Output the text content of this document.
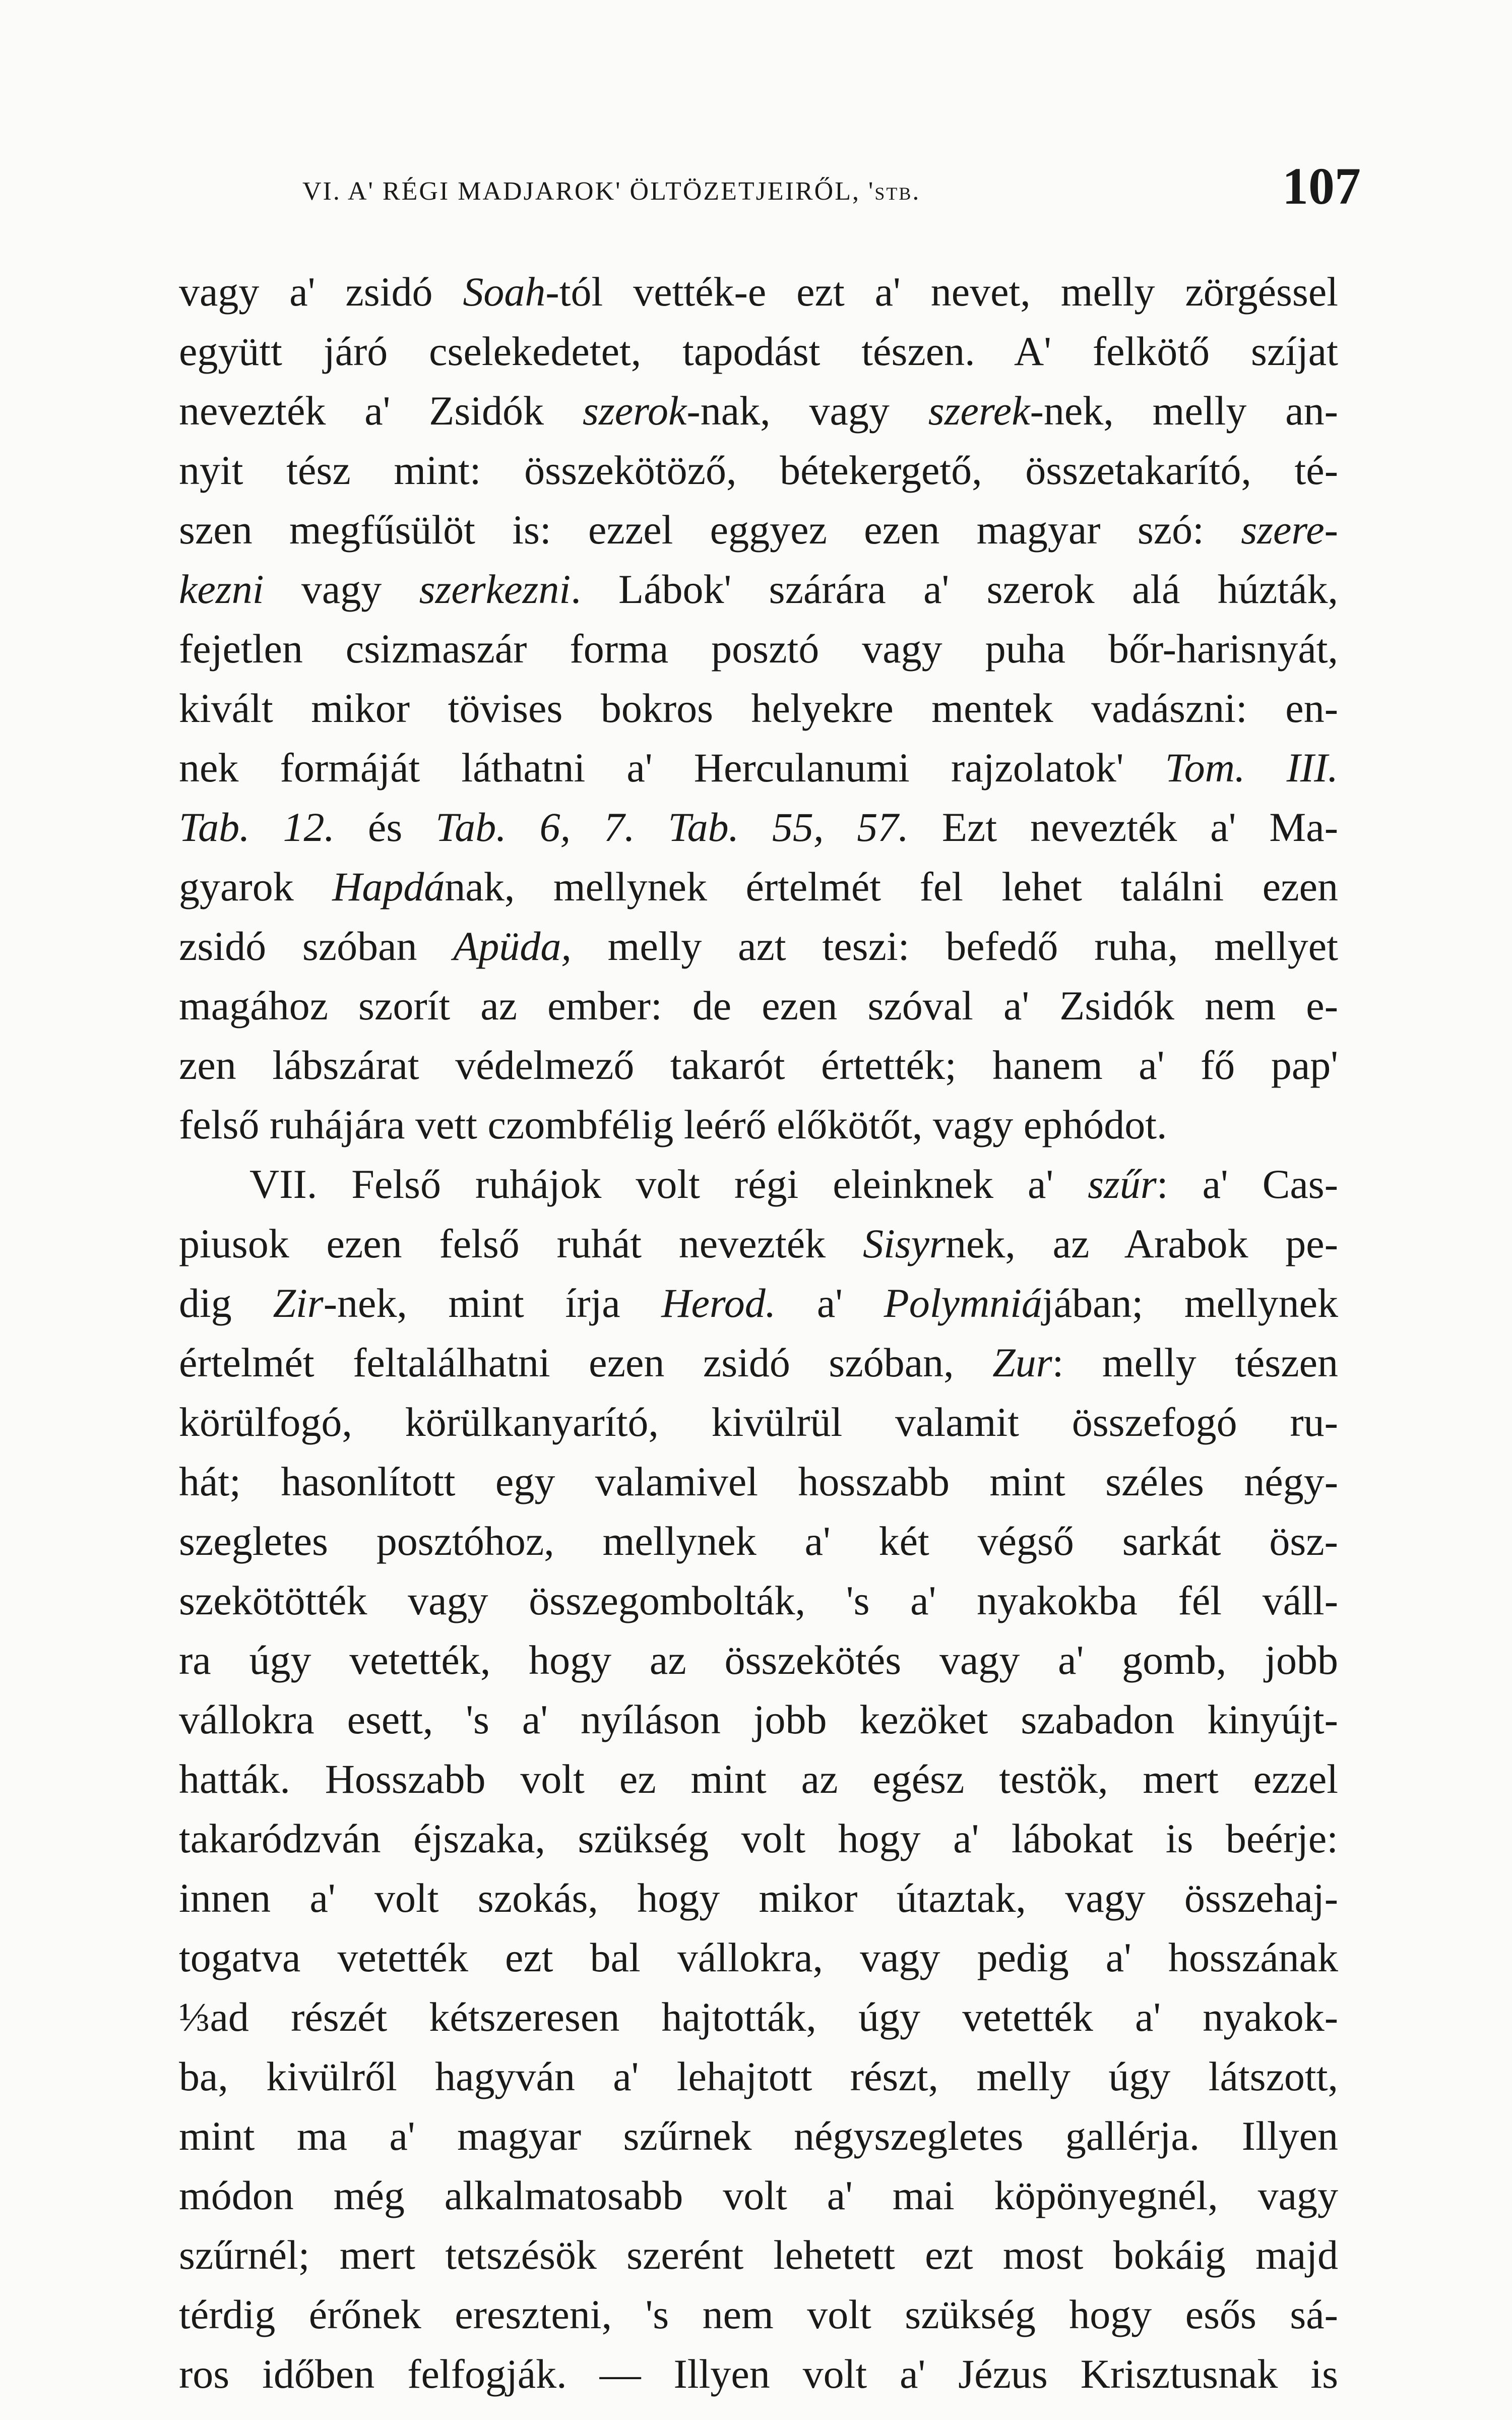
VI. A' RÉGI MADJAROK' ÖLTÖZETJEIRŐL, 'stb.	107
vagy a' zsidó Soah-tól vették-e ezt a' nevet, melly zörgéssel
együtt járó cselekedetet, tapodást tészen. A' felkötő szíjat
nevezték a' Zsidók szerok-nak, vagy szerek-nek, melly an-
nyit tész mint: összekötöző, bétekergető, összetakarító, té-
szen megfűsülöt is: ezzel eggyez ezen magyar szó: szere-
kezni vagy szerkezni. Lábok' szárára a' szerok alá húzták,
fejetlen csizmaszár forma posztó vagy puha bőr-harisnyát,
kivált mikor tövises bokros helyekre mentek vadászni: en-
nek formáját láthatni a' Herculanumi rajzolatok' Tom. III.
Tab. 12. és Tab. 6, 7. Tab. 55, 57. Ezt nevezték a' Ma-
gyarok Hapdának, mellynek értelmét fel lehet találni ezen
zsidó szóban Apüda, melly azt teszi: befedő ruha, mellyet
magához szorít az ember: de ezen szóval a' Zsidók nem e-
zen lábszárat védelmező takarót értették; hanem a' fő pap'
felső ruhájára vett czombfélig leérő előkötőt, vagy ephódot.
VII. Felső ruhájok volt régi eleinknek a' szűr: a' Cas-
piusok ezen felső ruhát nevezték Sisyrnek, az Arabok pe-
dig Zir-nek, mint írja Herod. a' Polymniájában; mellynek
értelmét feltalálhatni ezen zsidó szóban, Zur: melly tészen
körülfogó, körülkanyarító, kivülrül valamit összefogó ru-
hát; hasonlított egy valamivel hosszabb mint széles négy-
szegletes posztóhoz, mellynek a' két végső sarkát ösz-
szekötötték vagy összegombolták, 's a' nyakokba fél váll-
ra úgy vetették, hogy az összekötés vagy a' gomb, jobb
vállokra esett, 's a' nyíláson jobb kezöket szabadon kinyújt-
hatták. Hosszabb volt ez mint az egész testök, mert ezzel
takaródzván éjszaka, szükség volt hogy a' lábokat is beérje:
innen a' volt szokás, hogy mikor útaztak, vagy összehaj-
togatva vetették ezt bal vállokra, vagy pedig a' hosszának
⅓ad részét kétszeresen hajtották, úgy vetették a' nyakok-
ba, kivülről hagyván a' lehajtott részt, melly úgy látszott,
mint ma a' magyar szűrnek négyszegletes gallérja. Illyen
módon még alkalmatosabb volt a' mai köpönyegnél, vagy
szűrnél; mert tetszésök szerént lehetett ezt most bokáig majd
térdig érőnek ereszteni, 's nem volt szükség hogy esős sá-
ros időben felfogják. — Illyen volt a' Jézus Krisztusnak is
